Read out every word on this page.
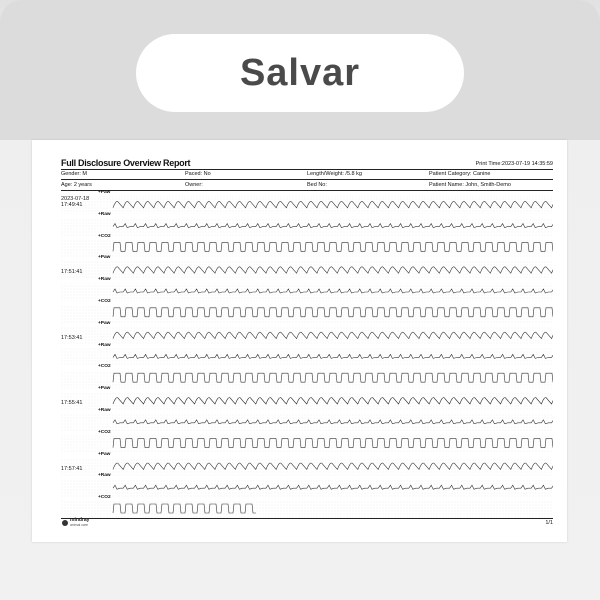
Salvar
Full Disclosure Overview Report	Print Time:2023-07-19 14:35:59
Gender: M	Paced: No	Length/Weight: /5.8 kg	Patient Category: Canine
Age: 2 years	Owner:	Bed No:	Patient Name: John, Smith-Demo
+Paw
17:49:41
+Raw
+CO2
+Paw
17:51:41
+Raw
+CO2
+Paw
17:53:41
+Raw
+CO2
+Paw
17:55:41
+Raw
+CO2
+Paw
17:57:41
+Raw
+CO2
mindray
animal care	1/1
